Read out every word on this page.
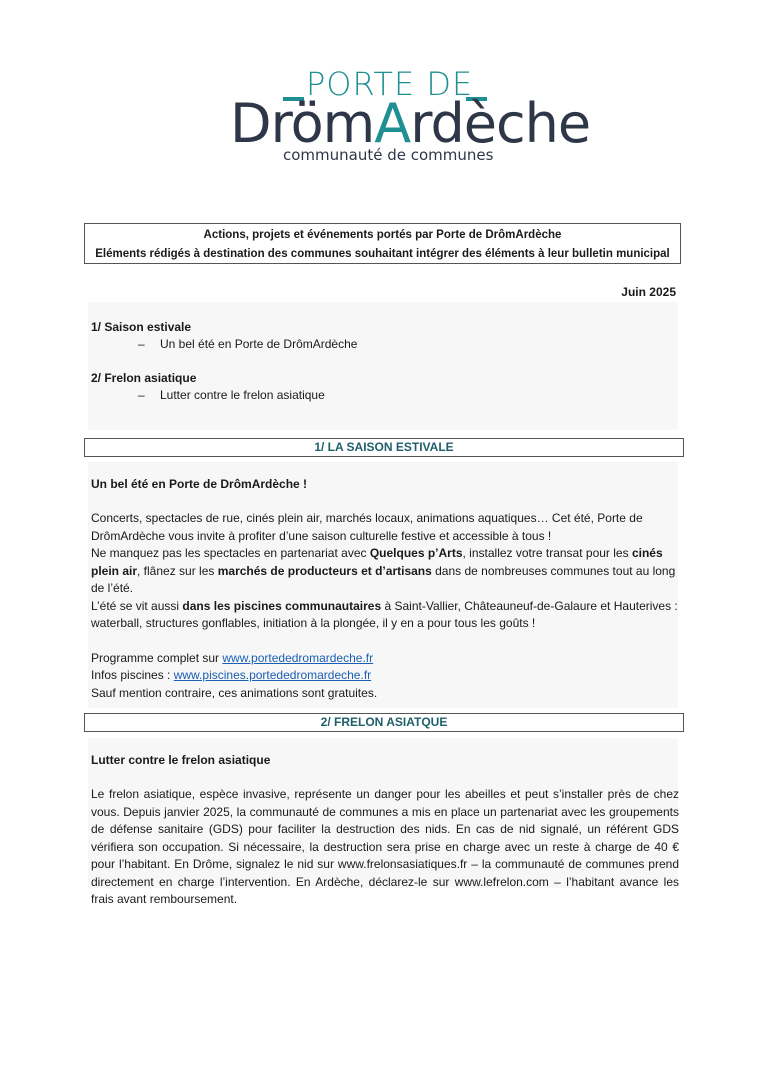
PORTE DE
DrömArdèche
communauté de communes
Actions, projets et événements portés par Porte de DrômArdèche
Eléments rédigés à destination des communes souhaitant intégrer des éléments à leur bulletin municipal
Juin 2025
1/ Saison estivale
– Un bel été en Porte de DrômArdèche
2/ Frelon asiatique
– Lutter contre le frelon asiatique
1/ LA SAISON ESTIVALE
Un bel été en Porte de DrômArdèche !

Concerts, spectacles de rue, cinés plein air, marchés locaux, animations aquatiques… Cet été, Porte de DrômArdèche vous invite à profiter d’une saison culturelle festive et accessible à tous !

Ne manquez pas les spectacles en partenariat avec Quelques p’Arts, installez votre transat pour les cinés plein air, flânez sur les marchés de producteurs et d’artisans dans de nombreuses communes tout au long de l’été.

L’été se vit aussi dans les piscines communautaires à Saint-Vallier, Châteauneuf-de-Galaure et Hauterives : waterball, structures gonflables, initiation à la plongée, il y en a pour tous les goûts !

Programme complet sur www.portededromardeche.fr

Infos piscines : www.piscines.portededromardeche.fr

Sauf mention contraire, ces animations sont gratuites.

2/ FRELON ASIATQUE
Lutter contre le frelon asiatique

Le frelon asiatique, espèce invasive, représente un danger pour les abeilles et peut s’installer près de chez vous. Depuis janvier 2025, la communauté de communes a mis en place un partenariat avec les groupements de défense sanitaire (GDS) pour faciliter la destruction des nids. En cas de nid signalé, un référent GDS vérifiera son occupation. Si nécessaire, la destruction sera prise en charge avec un reste à charge de 40 € pour l’habitant. En Drôme, signalez le nid sur www.frelonsasiatiques.fr – la communauté de communes prend directement en charge l’intervention. En Ardèche, déclarez-le sur www.lefrelon.com – l’habitant avance les frais avant remboursement.
